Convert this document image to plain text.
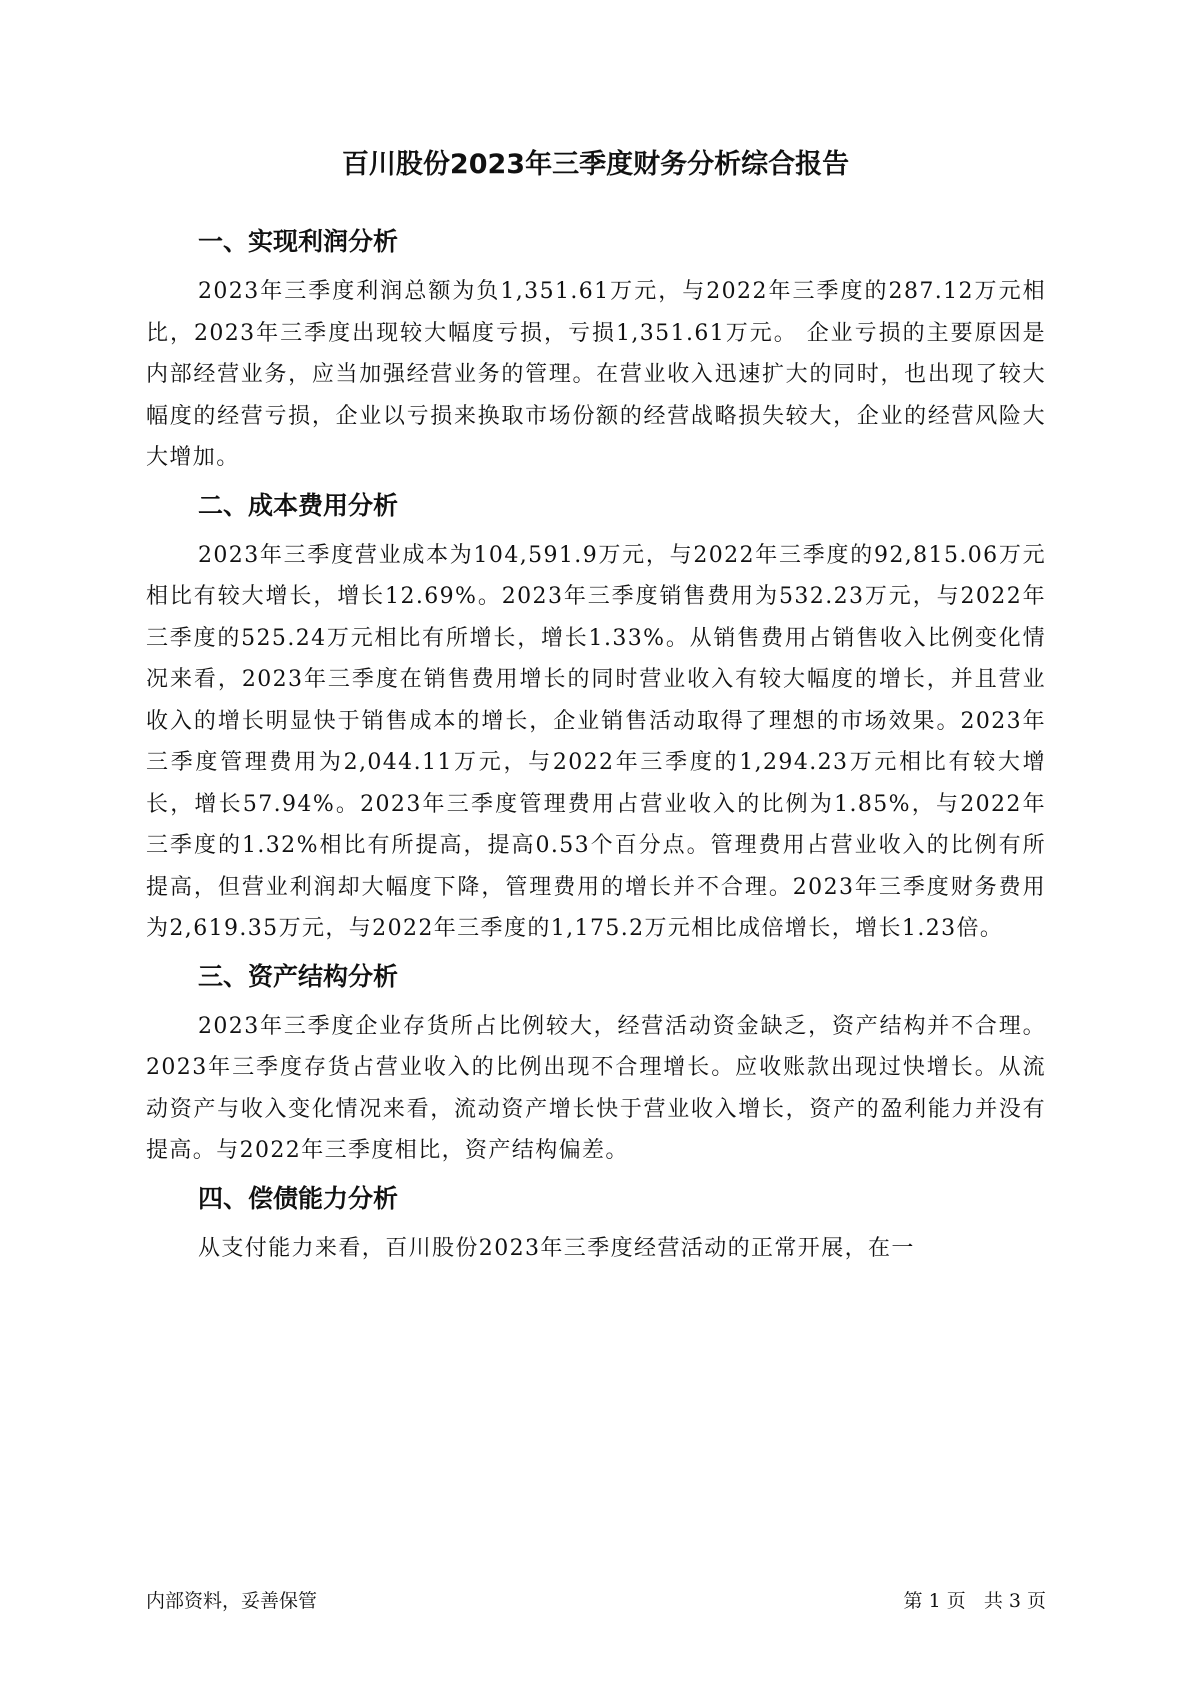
百川股份2023年三季度财务分析综合报告
一、实现利润分析

2023年三季度利润总额为负1,351.61万元，与2022年三季度的287.12万元相比，2023年三季度出现较大幅度亏损，亏损1,351.61万元。 企业亏损的主要原因是内部经营业务，应当加强经营业务的管理。在营业收入迅速扩大的同时，也出现了较大幅度的经营亏损，企业以亏损来换取市场份额的经营战略损失较大，企业的经营风险大大增加。

二、成本费用分析

2023年三季度营业成本为104,591.9万元，与2022年三季度的92,815.06万元相比有较大增长，增长12.69%。2023年三季度销售费用为532.23万元，与2022年三季度的525.24万元相比有所增长，增长1.33%。从销售费用占销售收入比例变化情况来看，2023年三季度在销售费用增长的同时营业收入有较大幅度的增长，并且营业收入的增长明显快于销售成本的增长，企业销售活动取得了理想的市场效果。2023年三季度管理费用为2,044.11万元，与2022年三季度的1,294.23万元相比有较大增长，增长57.94%。2023年三季度管理费用占营业收入的比例为1.85%，与2022年三季度的1.32%相比有所提高，提高0.53个百分点。管理费用占营业收入的比例有所提高，但营业利润却大幅度下降，管理费用的增长并不合理。2023年三季度财务费用为2,619.35万元，与2022年三季度的1,175.2万元相比成倍增长，增长1.23倍。

三、资产结构分析

2023年三季度企业存货所占比例较大，经营活动资金缺乏，资产结构并不合理。2023年三季度存货占营业收入的比例出现不合理增长。应收账款出现过快增长。从流动资产与收入变化情况来看，流动资产增长快于营业收入增长，资产的盈利能力并没有提高。与2022年三季度相比，资产结构偏差。

四、偿债能力分析

从支付能力来看，百川股份2023年三季度经营活动的正常开展，在一

内部资料，妥善保管	第 1 页   共 3 页
